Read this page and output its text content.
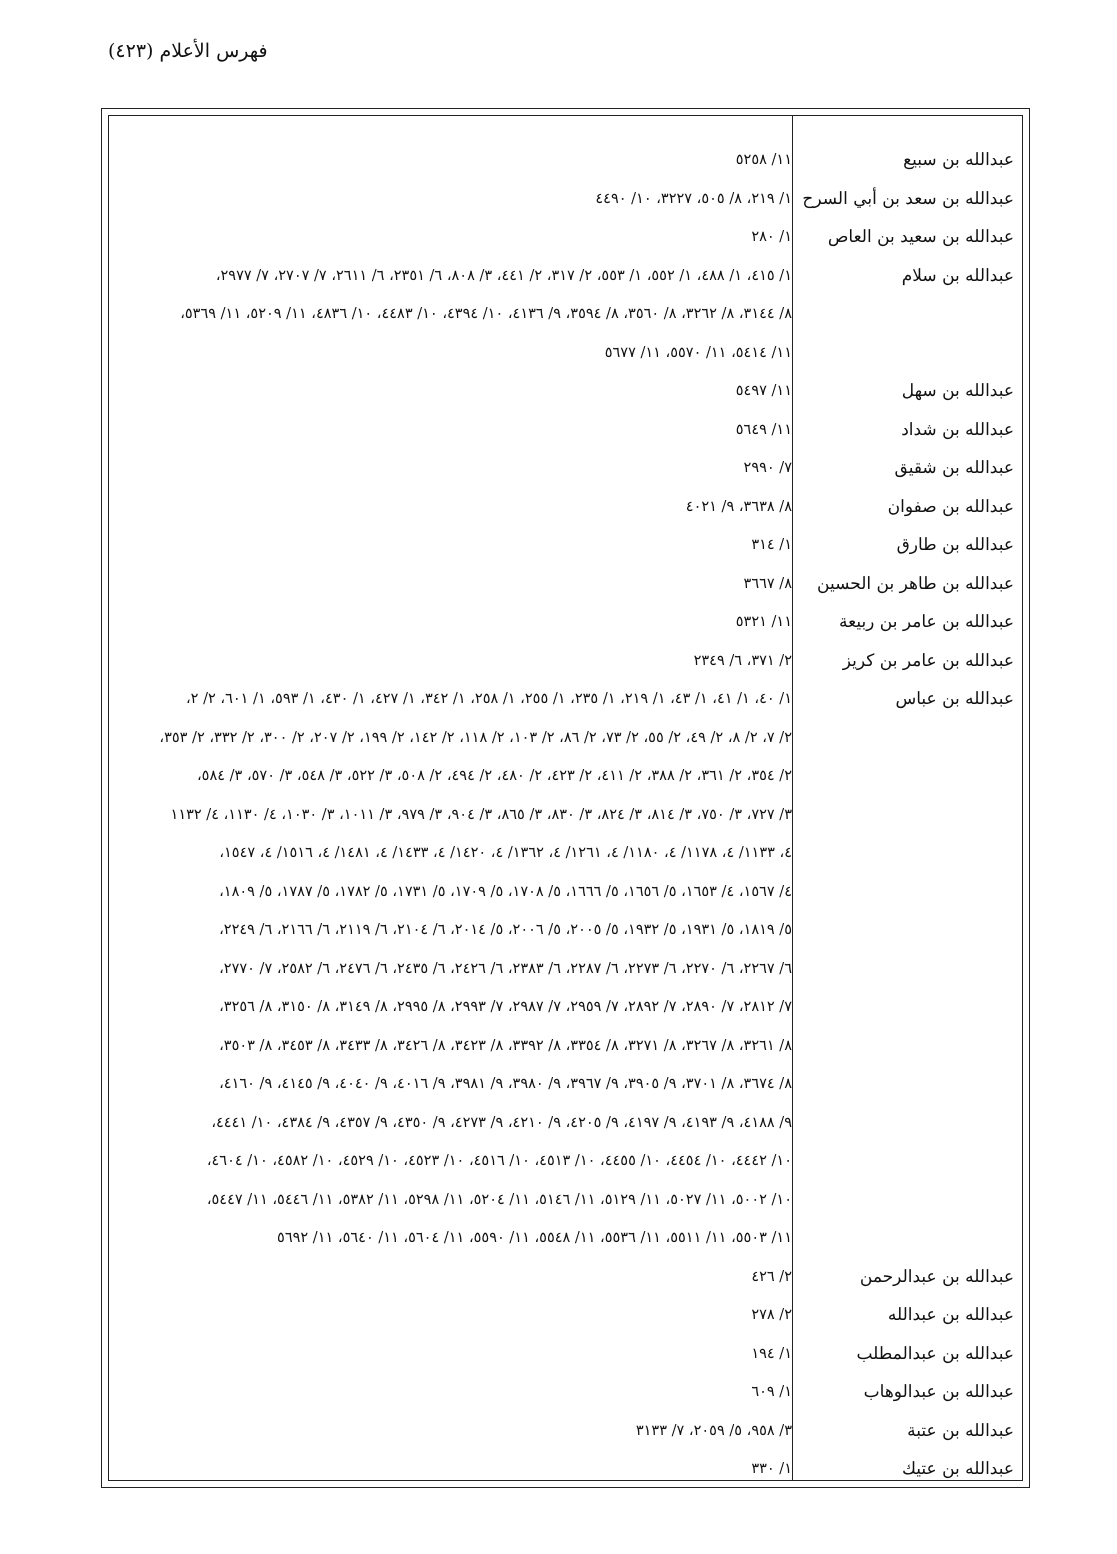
فهرس الأعلام (٤٢٣)
عبدالله بن سبيع
١١/ ٥٢٥٨
عبدالله بن سعد بن أبي السرح
١/ ٢١٩، ٨/ ٥٠٥، ٣٢٢٧، ١٠/ ٤٤٩٠
عبدالله بن سعيد بن العاص
١/ ٢٨٠
عبدالله بن سلام
١/ ٤١٥، ١/ ٤٨٨، ١/ ٥٥٢، ١/ ٥٥٣، ٢/ ٣١٧، ٢/ ٤٤١، ٣/ ٨٠٨، ٦/ ٢٣٥١، ٦/ ٢٦١١، ٧/ ٢٧٠٧، ٧/ ٢٩٧٧،
٨/ ٣١٤٤، ٨/ ٣٢٦٢، ٨/ ٣٥٦٠، ٨/ ٣٥٩٤، ٩/ ٤١٣٦، ١٠/ ٤٣٩٤، ١٠/ ٤٤٨٣، ١٠/ ٤٨٣٦، ١١/ ٥٢٠٩، ١١/ ٥٣٦٩،
١١/ ٥٤١٤، ١١/ ٥٥٧٠، ١١/ ٥٦٧٧
عبدالله بن سهل
١١/ ٥٤٩٧
عبدالله بن شداد
١١/ ٥٦٤٩
عبدالله بن شقيق
٧/ ٢٩٩٠
عبدالله بن صفوان
٨/ ٣٦٣٨، ٩/ ٤٠٢١
عبدالله بن طارق
١/ ٣١٤
عبدالله بن طاهر بن الحسين
٨/ ٣٦٦٧
عبدالله بن عامر بن ربيعة
١١/ ٥٣٢١
عبدالله بن عامر بن كريز
٢/ ٣٧١، ٦/ ٢٣٤٩
عبدالله بن عباس
١/ ٤٠، ١/ ٤١، ١/ ٤٣، ١/ ٢١٩، ١/ ٢٣٥، ١/ ٢٥٥، ١/ ٢٥٨، ١/ ٣٤٢، ١/ ٤٢٧، ١/ ٤٣٠، ١/ ٥٩٣، ١/ ٦٠١، ٢/ ٢،
٢/ ٧، ٢/ ٨، ٢/ ٤٩، ٢/ ٥٥، ٢/ ٧٣، ٢/ ٨٦، ٢/ ١٠٣، ٢/ ١١٨، ٢/ ١٤٢، ٢/ ١٩٩، ٢/ ٢٠٧، ٢/ ٣٠٠، ٢/ ٣٣٢، ٢/ ٣٥٣،
٢/ ٣٥٤، ٢/ ٣٦١، ٢/ ٣٨٨، ٢/ ٤١١، ٢/ ٤٢٣، ٢/ ٤٨٠، ٢/ ٤٩٤، ٢/ ٥٠٨، ٣/ ٥٢٢، ٣/ ٥٤٨، ٣/ ٥٧٠، ٣/ ٥٨٤،
٣/ ٧٢٧، ٣/ ٧٥٠، ٣/ ٨١٤، ٣/ ٨٢٤، ٣/ ٨٣٠، ٣/ ٨٦٥، ٣/ ٩٠٤، ٣/ ٩٧٩، ٣/ ١٠١١، ٣/ ١٠٣٠، ٤/ ١١٣٠، ٤/ ١١٣٢
٤، ١١٣٣/ ٤، ١١٧٨/ ٤، ١١٨٠/ ٤، ١٢٦١/ ٤، ١٣٦٢/ ٤، ١٤٢٠/ ٤، ١٤٣٣/ ٤، ١٤٨١/ ٤، ١٥١٦/ ٤، ١٥٤٧،
٤/ ١٥٦٧، ٤/ ١٦٥٣، ٥/ ١٦٥٦، ٥/ ١٦٦٦، ٥/ ١٧٠٨، ٥/ ١٧٠٩، ٥/ ١٧٣١، ٥/ ١٧٨٢، ٥/ ١٧٨٧، ٥/ ١٨٠٩،
٥/ ١٨١٩، ٥/ ١٩٣١، ٥/ ١٩٣٢، ٥/ ٢٠٠٥، ٥/ ٢٠٠٦، ٥/ ٢٠١٤، ٦/ ٢١٠٤، ٦/ ٢١١٩، ٦/ ٢١٦٦، ٦/ ٢٢٤٩،
٦/ ٢٢٦٧، ٦/ ٢٢٧٠، ٦/ ٢٢٧٣، ٦/ ٢٢٨٧، ٦/ ٢٣٨٣، ٦/ ٢٤٢٦، ٦/ ٢٤٣٥، ٦/ ٢٤٧٦، ٦/ ٢٥٨٢، ٧/ ٢٧٧٠،
٧/ ٢٨١٢، ٧/ ٢٨٩٠، ٧/ ٢٨٩٢، ٧/ ٢٩٥٩، ٧/ ٢٩٨٧، ٧/ ٢٩٩٣، ٨/ ٢٩٩٥، ٨/ ٣١٤٩، ٨/ ٣١٥٠، ٨/ ٣٢٥٦،
٨/ ٣٢٦١، ٨/ ٣٢٦٧، ٨/ ٣٢٧١، ٨/ ٣٣٥٤، ٨/ ٣٣٩٢، ٨/ ٣٤٢٣، ٨/ ٣٤٢٦، ٨/ ٣٤٣٣، ٨/ ٣٤٥٣، ٨/ ٣٥٠٣،
٨/ ٣٦٧٤، ٨/ ٣٧٠١، ٩/ ٣٩٠٥، ٩/ ٣٩٦٧، ٩/ ٣٩٨٠، ٩/ ٣٩٨١، ٩/ ٤٠١٦، ٩/ ٤٠٤٠، ٩/ ٤١٤٥، ٩/ ٤١٦٠،
٩/ ٤١٨٨، ٩/ ٤١٩٣، ٩/ ٤١٩٧، ٩/ ٤٢٠٥، ٩/ ٤٢١٠، ٩/ ٤٢٧٣، ٩/ ٤٣٥٠، ٩/ ٤٣٥٧، ٩/ ٤٣٨٤، ١٠/ ٤٤٤١،
١٠/ ٤٤٤٢، ١٠/ ٤٤٥٤، ١٠/ ٤٤٥٥، ١٠/ ٤٥١٣، ١٠/ ٤٥١٦، ١٠/ ٤٥٢٣، ١٠/ ٤٥٢٩، ١٠/ ٤٥٨٢، ١٠/ ٤٦٠٤،
١٠/ ٥٠٠٢، ١١/ ٥٠٢٧، ١١/ ٥١٢٩، ١١/ ٥١٤٦، ١١/ ٥٢٠٤، ١١/ ٥٢٩٨، ١١/ ٥٣٨٢، ١١/ ٥٤٤٦، ١١/ ٥٤٤٧،
١١/ ٥٥٠٣، ١١/ ٥٥١١، ١١/ ٥٥٣٦، ١١/ ٥٥٤٨، ١١/ ٥٥٩٠، ١١/ ٥٦٠٤، ١١/ ٥٦٤٠، ١١/ ٥٦٩٢
عبدالله بن عبدالرحمن
٢/ ٤٢٦
عبدالله بن عبدالله
٢/ ٢٧٨
عبدالله بن عبدالمطلب
١/ ١٩٤
عبدالله بن عبدالوهاب
١/ ٦٠٩
عبدالله بن عتبة
٣/ ٩٥٨، ٥/ ٢٠٥٩، ٧/ ٣١٣٣
عبدالله بن عتيك
١/ ٣٣٠
